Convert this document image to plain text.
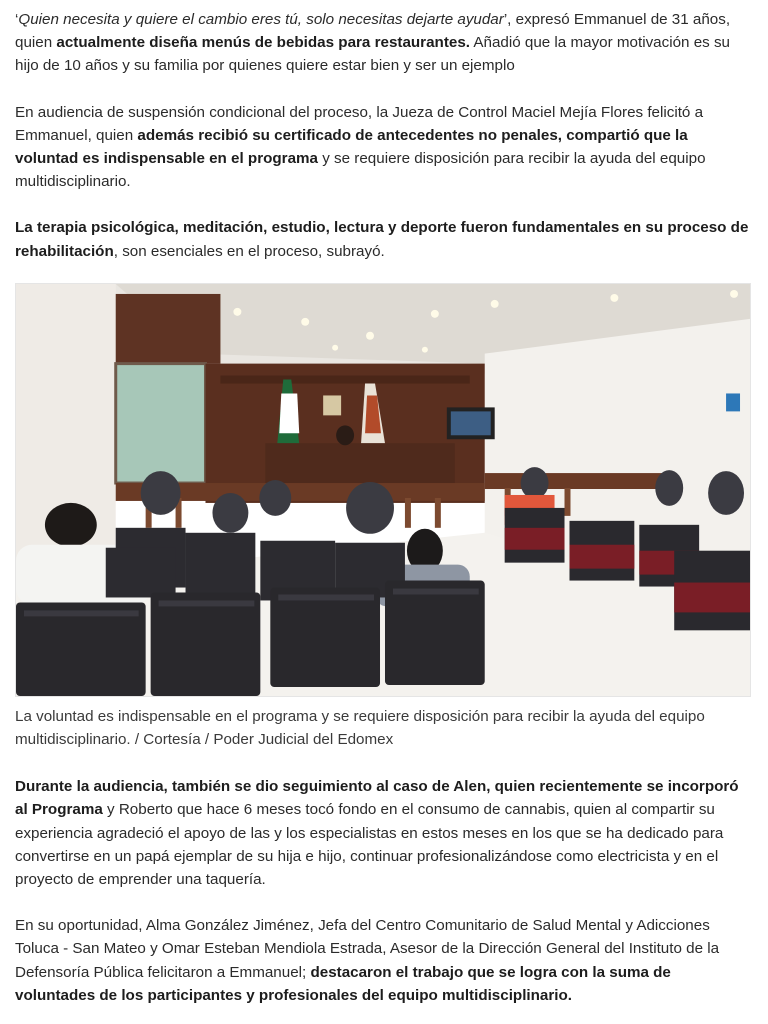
‘Quien necesita y quiere el cambio eres tú, solo necesitas dejarte ayudar’, expresó Emmanuel de 31 años, quien actualmente diseña menús de bebidas para restaurantes. Añadió que la mayor motivación es su hijo de 10 años y su familia por quienes quiere estar bien y ser un ejemplo

En audiencia de suspensión condicional del proceso, la Jueza de Control Maciel Mejía Flores felicitó a Emmanuel, quien además recibió su certificado de antecedentes no penales, compartió que la voluntad es indispensable en el programa y se requiere disposición para recibir la ayuda del equipo multidisciplinario.

La terapia psicológica, meditación, estudio, lectura y deporte fueron fundamentales en su proceso de rehabilitación, son esenciales en el proceso, subrayó.

La voluntad es indispensable en el programa y se requiere disposición para recibir la ayuda del equipo multidisciplinario. / Cortesía / Poder Judicial del Edomex

Durante la audiencia, también se dio seguimiento al caso de Alen, quien recientemente se incorporó al Programa y Roberto que hace 6 meses tocó fondo en el consumo de cannabis, quien al compartir su experiencia agradeció el apoyo de las y los especialistas en estos meses en los que se ha dedicado para convertirse en un papá ejemplar de su hija e hijo, continuar profesionalizándose como electricista y en el proyecto de emprender una taquería.

En su oportunidad, Alma González Jiménez, Jefa del Centro Comunitario de Salud Mental y Adicciones Toluca - San Mateo y Omar Esteban Mendiola Estrada, Asesor de la Dirección General del Instituto de la Defensoría Pública felicitaron a Emmanuel; destacaron el trabajo que se logra con la suma de voluntades de los participantes y profesionales del equipo multidisciplinario.
